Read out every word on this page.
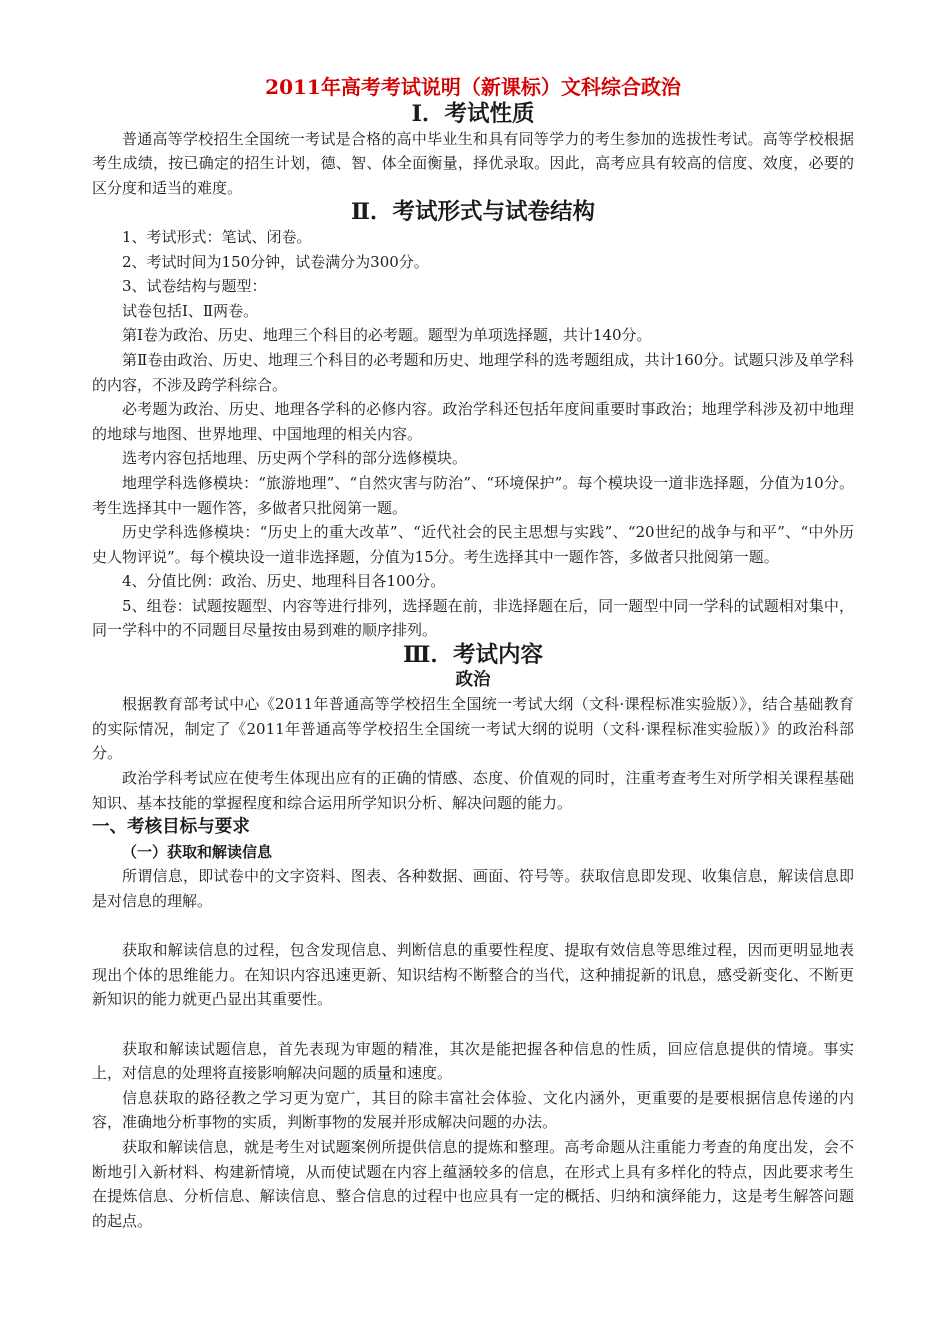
2011年高考考试说明（新课标）文科综合政治
Ⅰ．考试性质

普通高等学校招生全国统一考试是合格的高中毕业生和具有同等学力的考生参加的选拔性考试。高等学校根据考生成绩，按已确定的招生计划，德、智、体全面衡量，择优录取。因此，高考应具有较高的信度、效度，必要的区分度和适当的难度。

Ⅱ．考试形式与试卷结构

1、考试形式：笔试、闭卷。

2、考试时间为150分钟，试卷满分为300分。

3、试卷结构与题型：

试卷包括Ⅰ、Ⅱ两卷。

第Ⅰ卷为政治、历史、地理三个科目的必考题。题型为单项选择题，共计140分。

第Ⅱ卷由政治、历史、地理三个科目的必考题和历史、地理学科的选考题组成，共计160分。试题只涉及单学科的内容，不涉及跨学科综合。

必考题为政治、历史、地理各学科的必修内容。政治学科还包括年度间重要时事政治；地理学科涉及初中地理的地球与地图、世界地理、中国地理的相关内容。

选考内容包括地理、历史两个学科的部分选修模块。

地理学科选修模块：“旅游地理”、“自然灾害与防治”、“环境保护”。每个模块设一道非选择题，分值为10分。考生选择其中一题作答，多做者只批阅第一题。

历史学科选修模块：“历史上的重大改革”、“近代社会的民主思想与实践”、“20世纪的战争与和平”、“中外历史人物评说”。每个模块设一道非选择题，分值为15分。考生选择其中一题作答，多做者只批阅第一题。

4、分值比例：政治、历史、地理科目各100分。

5、组卷：试题按题型、内容等进行排列，选择题在前，非选择题在后，同一题型中同一学科的试题相对集中，同一学科中的不同题目尽量按由易到难的顺序排列。

Ⅲ．考试内容
政治

根据教育部考试中心《2011年普通高等学校招生全国统一考试大纲（文科·课程标准实验版）》，结合基础教育的实际情况，制定了《2011年普通高等学校招生全国统一考试大纲的说明（文科·课程标准实验版）》的政治科部分。

政治学科考试应在使考生体现出应有的正确的情感、态度、价值观的同时，注重考查考生对所学相关课程基础知识、基本技能的掌握程度和综合运用所学知识分析、解决问题的能力。

一、考核目标与要求
（一）获取和解读信息

所谓信息，即试卷中的文字资料、图表、各种数据、画面、符号等。获取信息即发现、收集信息，解读信息即是对信息的理解。

获取和解读信息的过程，包含发现信息、判断信息的重要性程度、提取有效信息等思维过程，因而更明显地表现出个体的思维能力。在知识内容迅速更新、知识结构不断整合的当代，这种捕捉新的讯息，感受新变化、不断更新知识的能力就更凸显出其重要性。

获取和解读试题信息，首先表现为审题的精准，其次是能把握各种信息的性质，回应信息提供的情境。事实上，对信息的处理将直接影响解决问题的质量和速度。

信息获取的路径教之学习更为宽广，其目的除丰富社会体验、文化内涵外，更重要的是要根据信息传递的内容，准确地分析事物的实质，判断事物的发展并形成解决问题的办法。

获取和解读信息，就是考生对试题案例所提供信息的提炼和整理。高考命题从注重能力考查的角度出发，会不断地引入新材料、构建新情境，从而使试题在内容上蕴涵较多的信息，在形式上具有多样化的特点，因此要求考生在提炼信息、分析信息、解读信息、整合信息的过程中也应具有一定的概括、归纳和演绎能力，这是考生解答问题的起点。
